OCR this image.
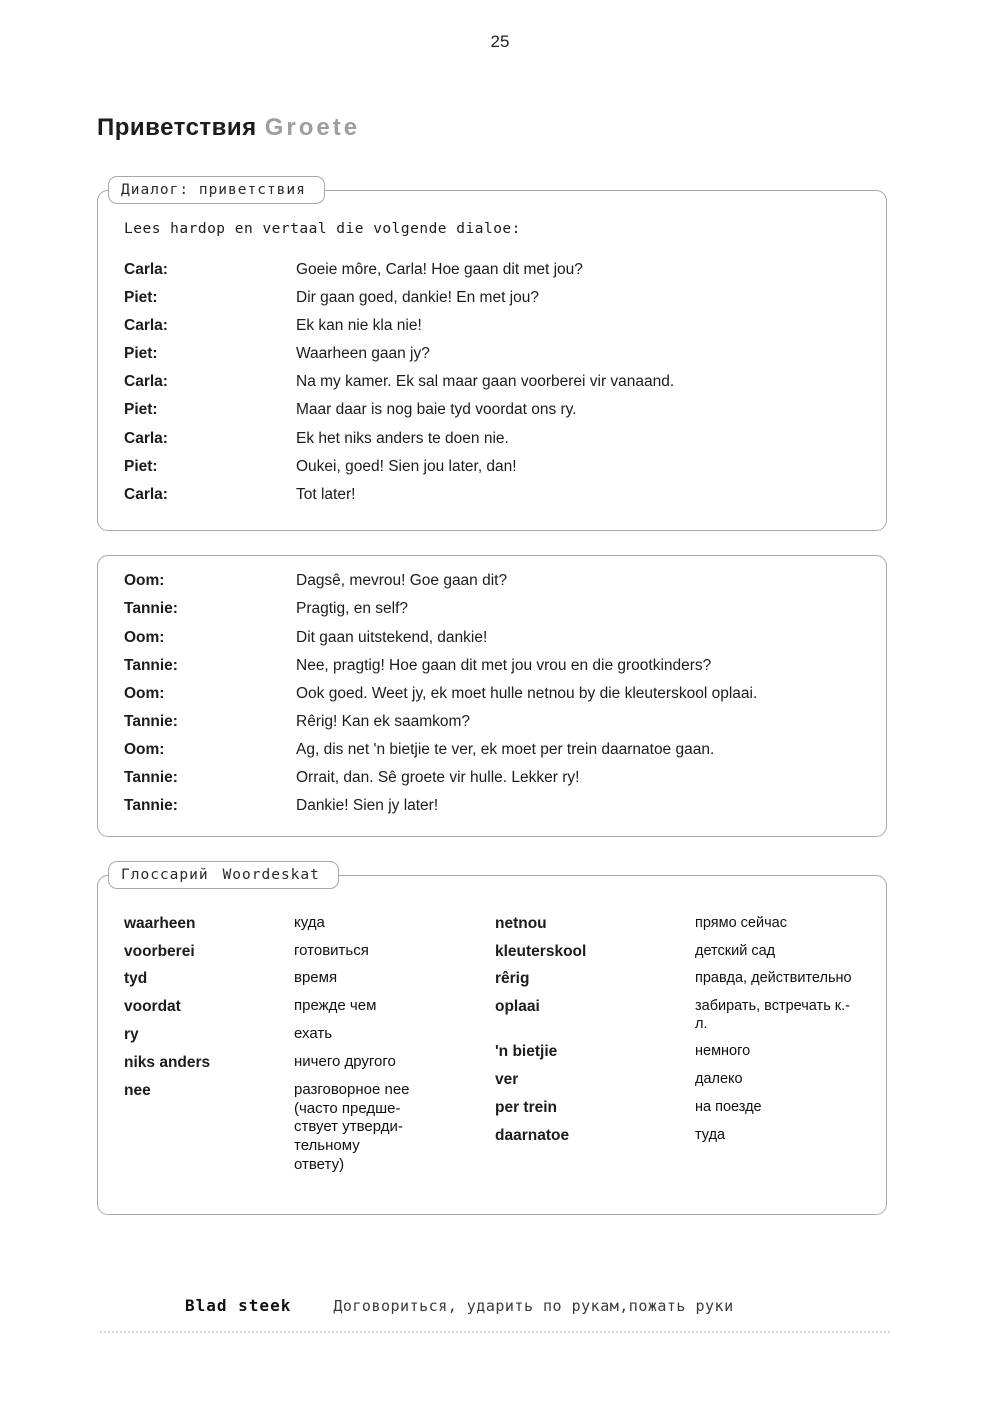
25
Приветствия Groete
Диалог: приветствия

Lees hardop en vertaal die volgende dialoe:

Carla:	Goeie môre, Carla! Hoe gaan dit met jou?
Piet:	Dir gaan goed, dankie! En met jou?
Carla:	Ek kan nie kla nie!
Piet:	Waarheen gaan jy?
Carla:	Na my kamer. Ek sal maar gaan voorberei vir vanaand.
Piet:	Maar daar is nog baie tyd voordat ons ry.
Carla:	Ek het niks anders te doen nie.
Piet:	Oukei, goed! Sien jou later, dan!
Carla:	Tot later!
Oom:	Dagsê, mevrou! Goe gaan dit?
Tannie:	Pragtig, en self?
Oom:	Dit gaan uitstekend, dankie!
Tannie:	Nee, pragtig! Hoe gaan dit met jou vrou en die grootkinders?
Oom:	Ook goed. Weet jy, ek moet hulle netnou by die kleuterskool oplaai.
Tannie:	Rêrig! Kan ek saamkom?
Oom:	Ag, dis net 'n bietjie te ver, ek moet per trein daarnatoe gaan.
Tannie:	Orrait, dan. Sê groete vir hulle. Lekker ry!
Tannie:	Dankie! Sien jy later!
Глоссарий Woordeskat
waarheen	куда
voorberei	готовиться
tyd	время
voordat	прежде чем
ry	ехать
niks anders	ничего другого
nee	разговорное nee
(часто предше-
ствует утверди-
тельному
ответу)
netnou	прямо сейчас
kleuterskool	детский сад
rêrig	правда, действительно
oplaai	забирать, встречать к.-л.
'n bietjie	немного
ver	далеко
per trein	на поезде
daarnatoe	туда
Blad steek	Договориться, ударить по рукам,пожать руки
